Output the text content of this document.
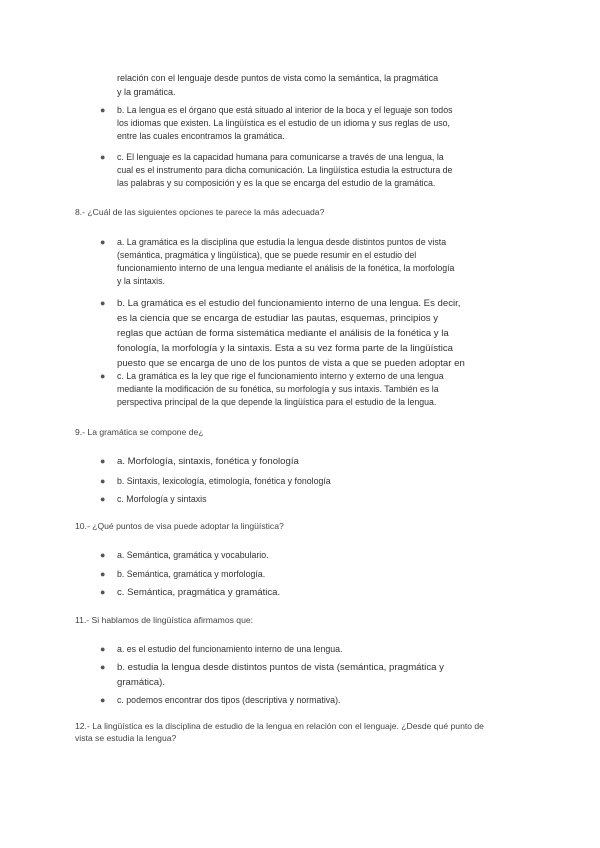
relación con el lenguaje desde puntos de vista como la semántica, la pragmática
y la gramática.
● b. La lengua es el órgano que está situado al interior de la boca y el leguaje son todos
los idiomas que existen. La lingüística es el estudio de un idioma y sus reglas de uso,
entre las cuales encontramos la gramática.
● c. El lenguaje es la capacidad humana para comunicarse a través de una lengua, la
cual es el instrumento para dicha comunicación. La lingüística estudia la estructura de
las palabras y su composición y es la que se encarga del estudio de la gramática.
8.- ¿Cuál de las siguientes opciones te parece la más adecuada?
● a. La gramática es la disciplina que estudia la lengua desde distintos puntos de vista
(semántica, pragmática y lingüística), que se puede resumir en el estudio del
funcionamiento interno de una lengua mediante el análisis de la fonética, la morfología
y la sintaxis.
● b. La gramática es el estudio del funcionamiento interno de una lengua. Es decir,
es la ciencia que se encarga de estudiar las pautas, esquemas, principios y
reglas que actúan de forma sistemática mediante el análisis de la fonética y la
fonología, la morfología y la sintaxis. Esta a su vez forma parte de la lingüística
puesto que se encarga de uno de los puntos de vista a que se pueden adoptar en
● c. La gramática es la ley que rige el funcionamiento interno y externo de una lengua
mediante la modificación de su fonética, su morfología y sus intaxis. También es la
perspectiva principal de la que depende la lingüística para el estudio de la lengua.
9.- La gramática se compone de¿
● a. Morfología, sintaxis, fonética y fonología
● b. Sintaxis, lexicología, etimología, fonética y fonología
● c. Morfología y sintaxis
10.- ¿Qué puntos de visa puede adoptar la lingüística?
● a. Semántica, gramática y vocabulario.
● b. Semántica, gramática y morfología.
● c. Semántica, pragmática y gramática.
11.- Si hablamos de lingüística afirmamos que:
● a. es el estudio del funcionamiento interno de una lengua.
● b. estudia la lengua desde distintos puntos de vista (semántica, pragmática y
gramática).
● c. podemos encontrar dos tipos (descriptiva y normativa).
12.- La lingüística es la disciplina de estudio de la lengua en relación con el lenguaje. ¿Desde qué punto de
vista se estudia la lengua?
